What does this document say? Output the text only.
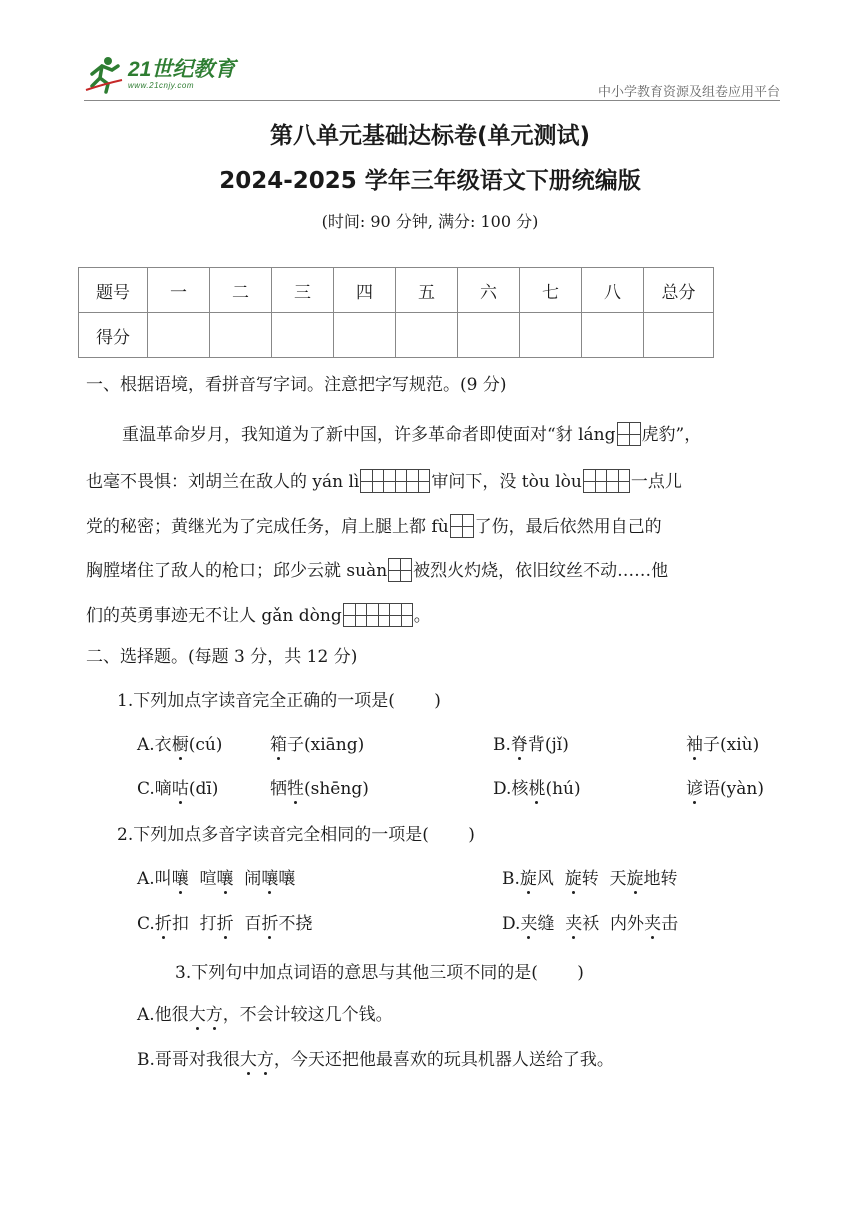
21世纪教育
www.21cnjy.com	中小学教育资源及组卷应用平台
第八单元基础达标卷(单元测试)
2024-2025 学年三年级语文下册统编版
(时间: 90 分钟, 满分: 100 分)
题号	一	二	三	四	五	六	七	八	总分
得分									
一、根据语境，看拼音写字词。注意把字写规范。(9 分)
重温革命岁月，我知道为了新中国，许多革命者即使面对“豺 láng 虎豹”，
也毫不畏惧：刘胡兰在敌人的 yán lì	审问下，没 tòu lòu	一点儿
党的秘密；黄继光为了完成任务，肩上腿上都 fù 了伤，最后依然用自己的
胸膛堵住了敌人的枪口；邱少云就 suàn 被烈火灼烧，依旧纹丝不动……他
们的英勇事迹无不让人 gǎn dòng	。
二、选择题。(每题 3 分，共 12 分)
1.下列加点字读音完全正确的一项是(　　 )
A.衣橱(cú)	箱子(xiāng)	B.脊背(jǐ)	袖子(xiù)
C.嘀咕(dī)	牺牲(shēng)	D.核桃(hú)	谚语(yàn)
2.下列加点多音字读音完全相同的一项是(　　 )
A.叫嚷  喧嚷  闹嚷嚷	B.旋风  旋转  天旋地转
C.折扣  打折  百折不挠	D.夹缝  夹袄  内外夹击
3.下列句中加点词语的意思与其他三项不同的是(　　 )
A.他很大方，不会计较这几个钱。
B.哥哥对我很大方，今天还把他最喜欢的玩具机器人送给了我。
